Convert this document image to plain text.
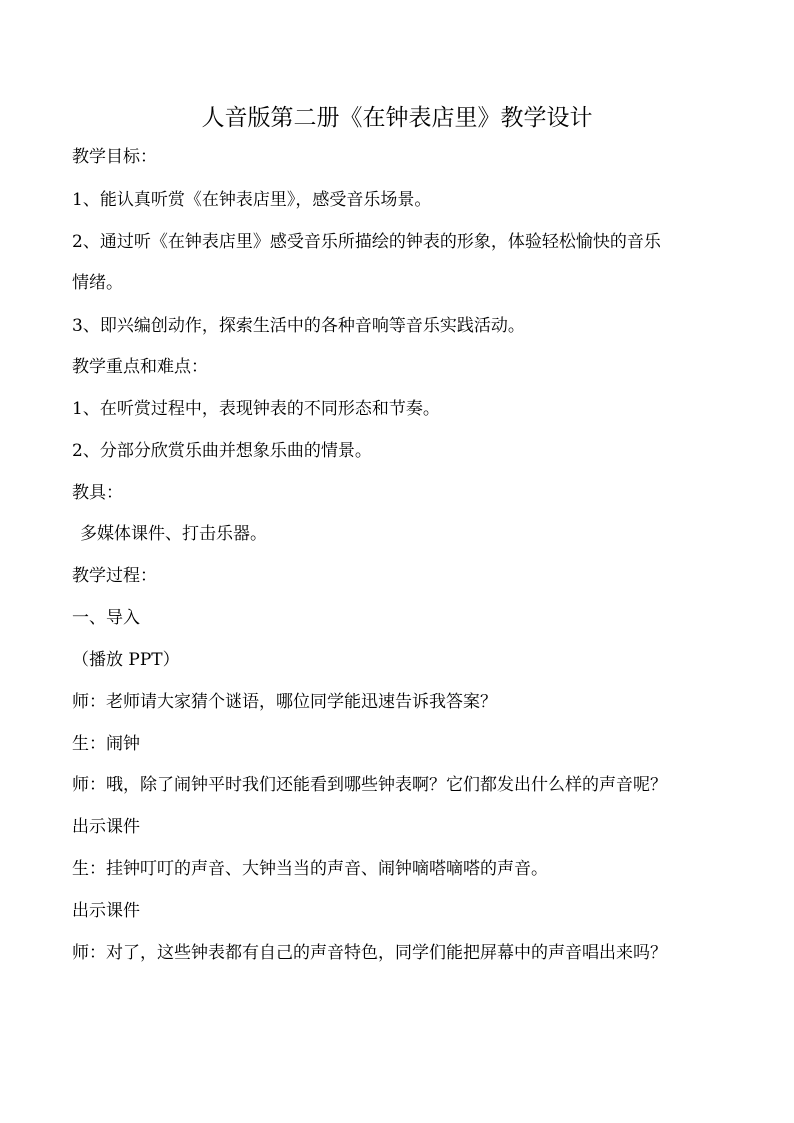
人音版第二册《在钟表店里》教学设计
教学目标：
1、能认真听赏《在钟表店里》，感受音乐场景。
2、通过听《在钟表店里》感受音乐所描绘的钟表的形象，体验轻松愉快的音乐
情绪。
3、即兴编创动作，探索生活中的各种音响等音乐实践活动。
教学重点和难点：
1、在听赏过程中，表现钟表的不同形态和节奏。
2、分部分欣赏乐曲并想象乐曲的情景。
教具：
多媒体课件、打击乐器。
教学过程：
一、导入
（播放 PPT）
师：老师请大家猜个谜语，哪位同学能迅速告诉我答案？
生：闹钟
师：哦，除了闹钟平时我们还能看到哪些钟表啊？它们都发出什么样的声音呢？
出示课件
生：挂钟叮叮的声音、大钟当当的声音、闹钟嘀嗒嘀嗒的声音。
出示课件
师：对了，这些钟表都有自己的声音特色，同学们能把屏幕中的声音唱出来吗？
